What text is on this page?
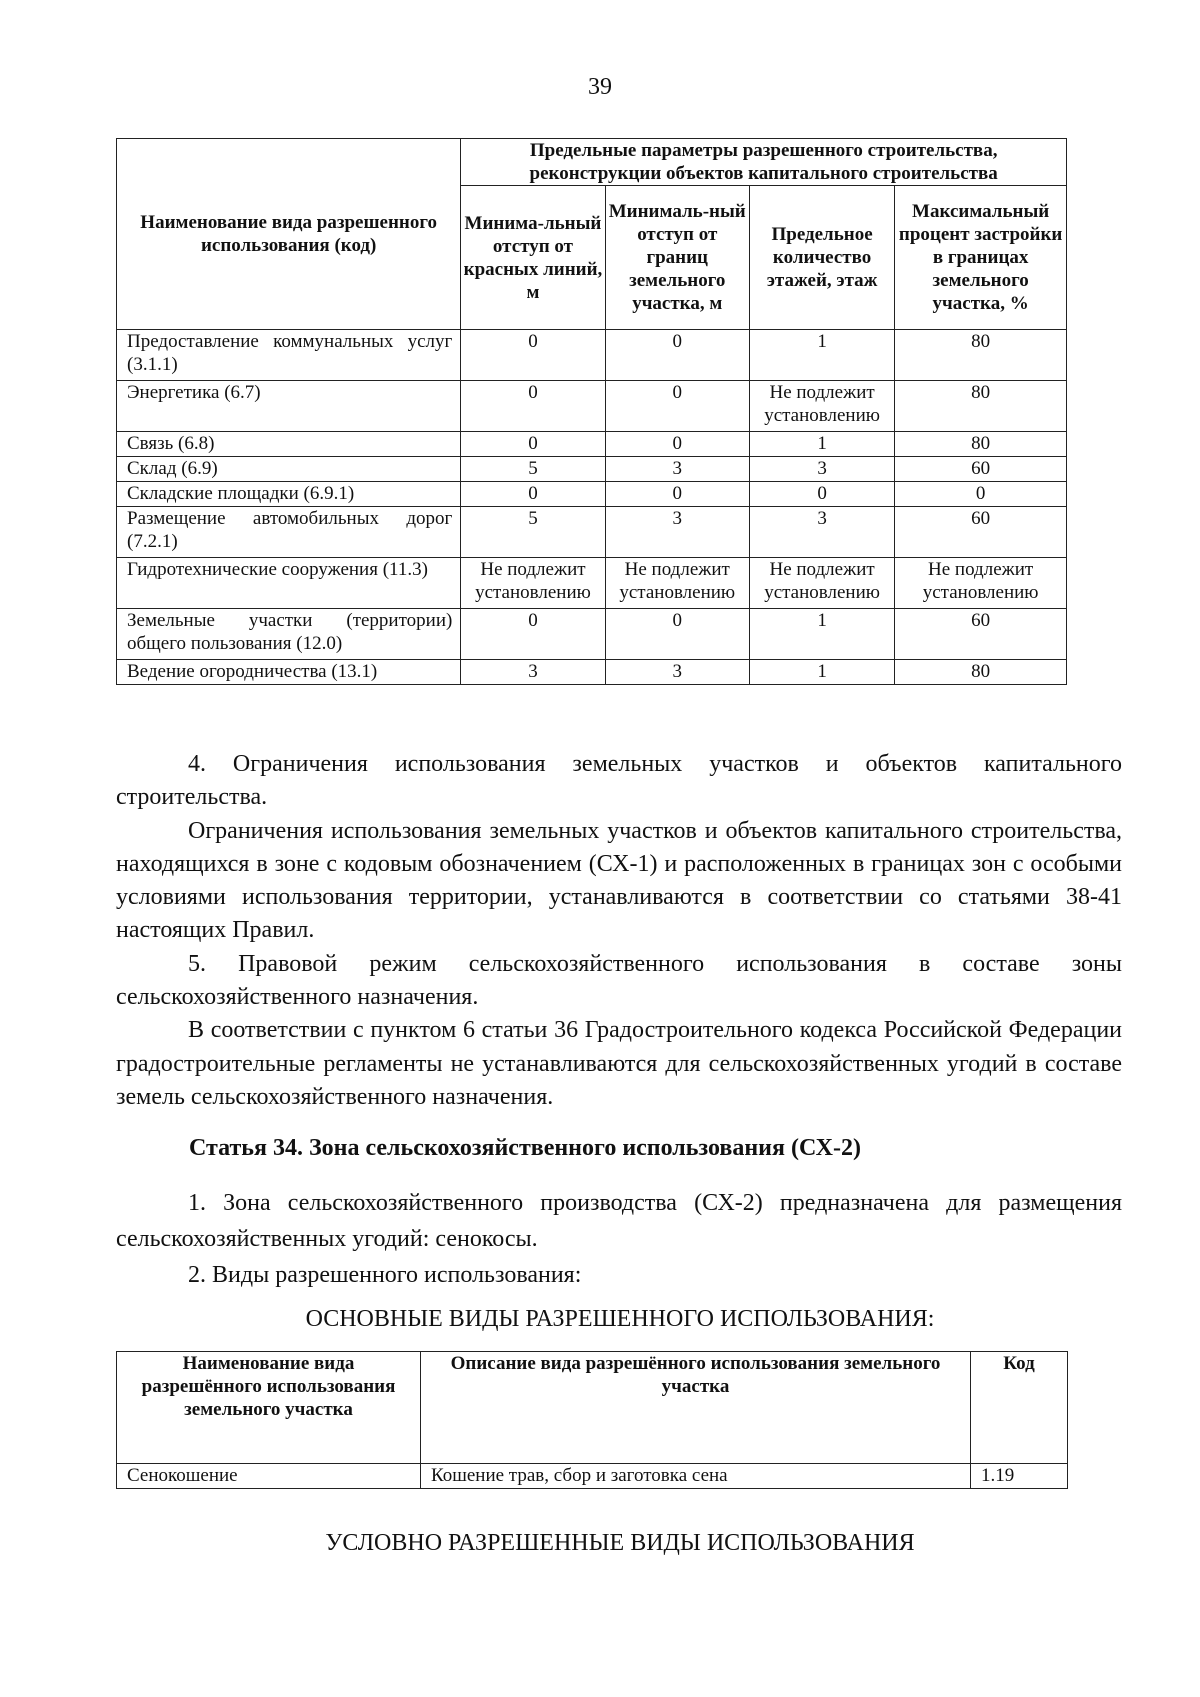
39
Наименование вида разрешенного использования (код)	Предельные параметры разрешенного строительства, реконструкции объектов капитального строительства			
	Минима-льный отступ от красных линий, м	Минималь-ный отступ от границ земельного участка, м	Предельное количество этажей, этаж	Максимальный процент застройки в границах земельного участка, %
Предоставление коммунальных услуг (3.1.1)	0	0	1	80
Энергетика (6.7)	0	0	Не подлежит установлению	80
Связь (6.8)	0	0	1	80
Склад (6.9)	5	3	3	60
Складские площадки (6.9.1)	0	0	0	0
Размещение автомобильных дорог (7.2.1)	5	3	3	60
Гидротехнические сооружения (11.3)	Не подлежит установлению	Не подлежит установлению	Не подлежит установлению	Не подлежит установлению
Земельные участки (территории) общего пользования (12.0)	0	0	1	60
Ведение огородничества (13.1)	3	3	1	80

4. Ограничения использования земельных участков и объектов капитального строительства.

Ограничения использования земельных участков и объектов капитального строительства, находящихся в зоне с кодовым обозначением (СХ-1) и расположенных в границах зон с особыми условиями использования территории, устанавливаются в соответствии со статьями 38-41 настоящих Правил.

5. Правовой режим сельскохозяйственного использования в составе зоны сельскохозяйственного назначения.

В соответствии с пунктом 6 статьи 36 Градостроительного кодекса Российской Федерации градостроительные регламенты не устанавливаются для сельскохозяйственных угодий в составе земель сельскохозяйственного назначения.

Статья 34. Зона сельскохозяйственного использования (СХ-2)

1. Зона сельскохозяйственного производства (СХ-2) предназначена для размещения сельскохозяйственных угодий: сенокосы.

2. Виды разрешенного использования:

ОСНОВНЫЕ ВИДЫ РАЗРЕШЕННОГО ИСПОЛЬЗОВАНИЯ:
Наименование вида разрешённого использования земельного участка	Описание вида разрешённого использования земельного участка	Код
Сенокошение	Кошение трав, сбор и заготовка сена	1.19
УСЛОВНО РАЗРЕШЕННЫЕ ВИДЫ ИСПОЛЬЗОВАНИЯ
